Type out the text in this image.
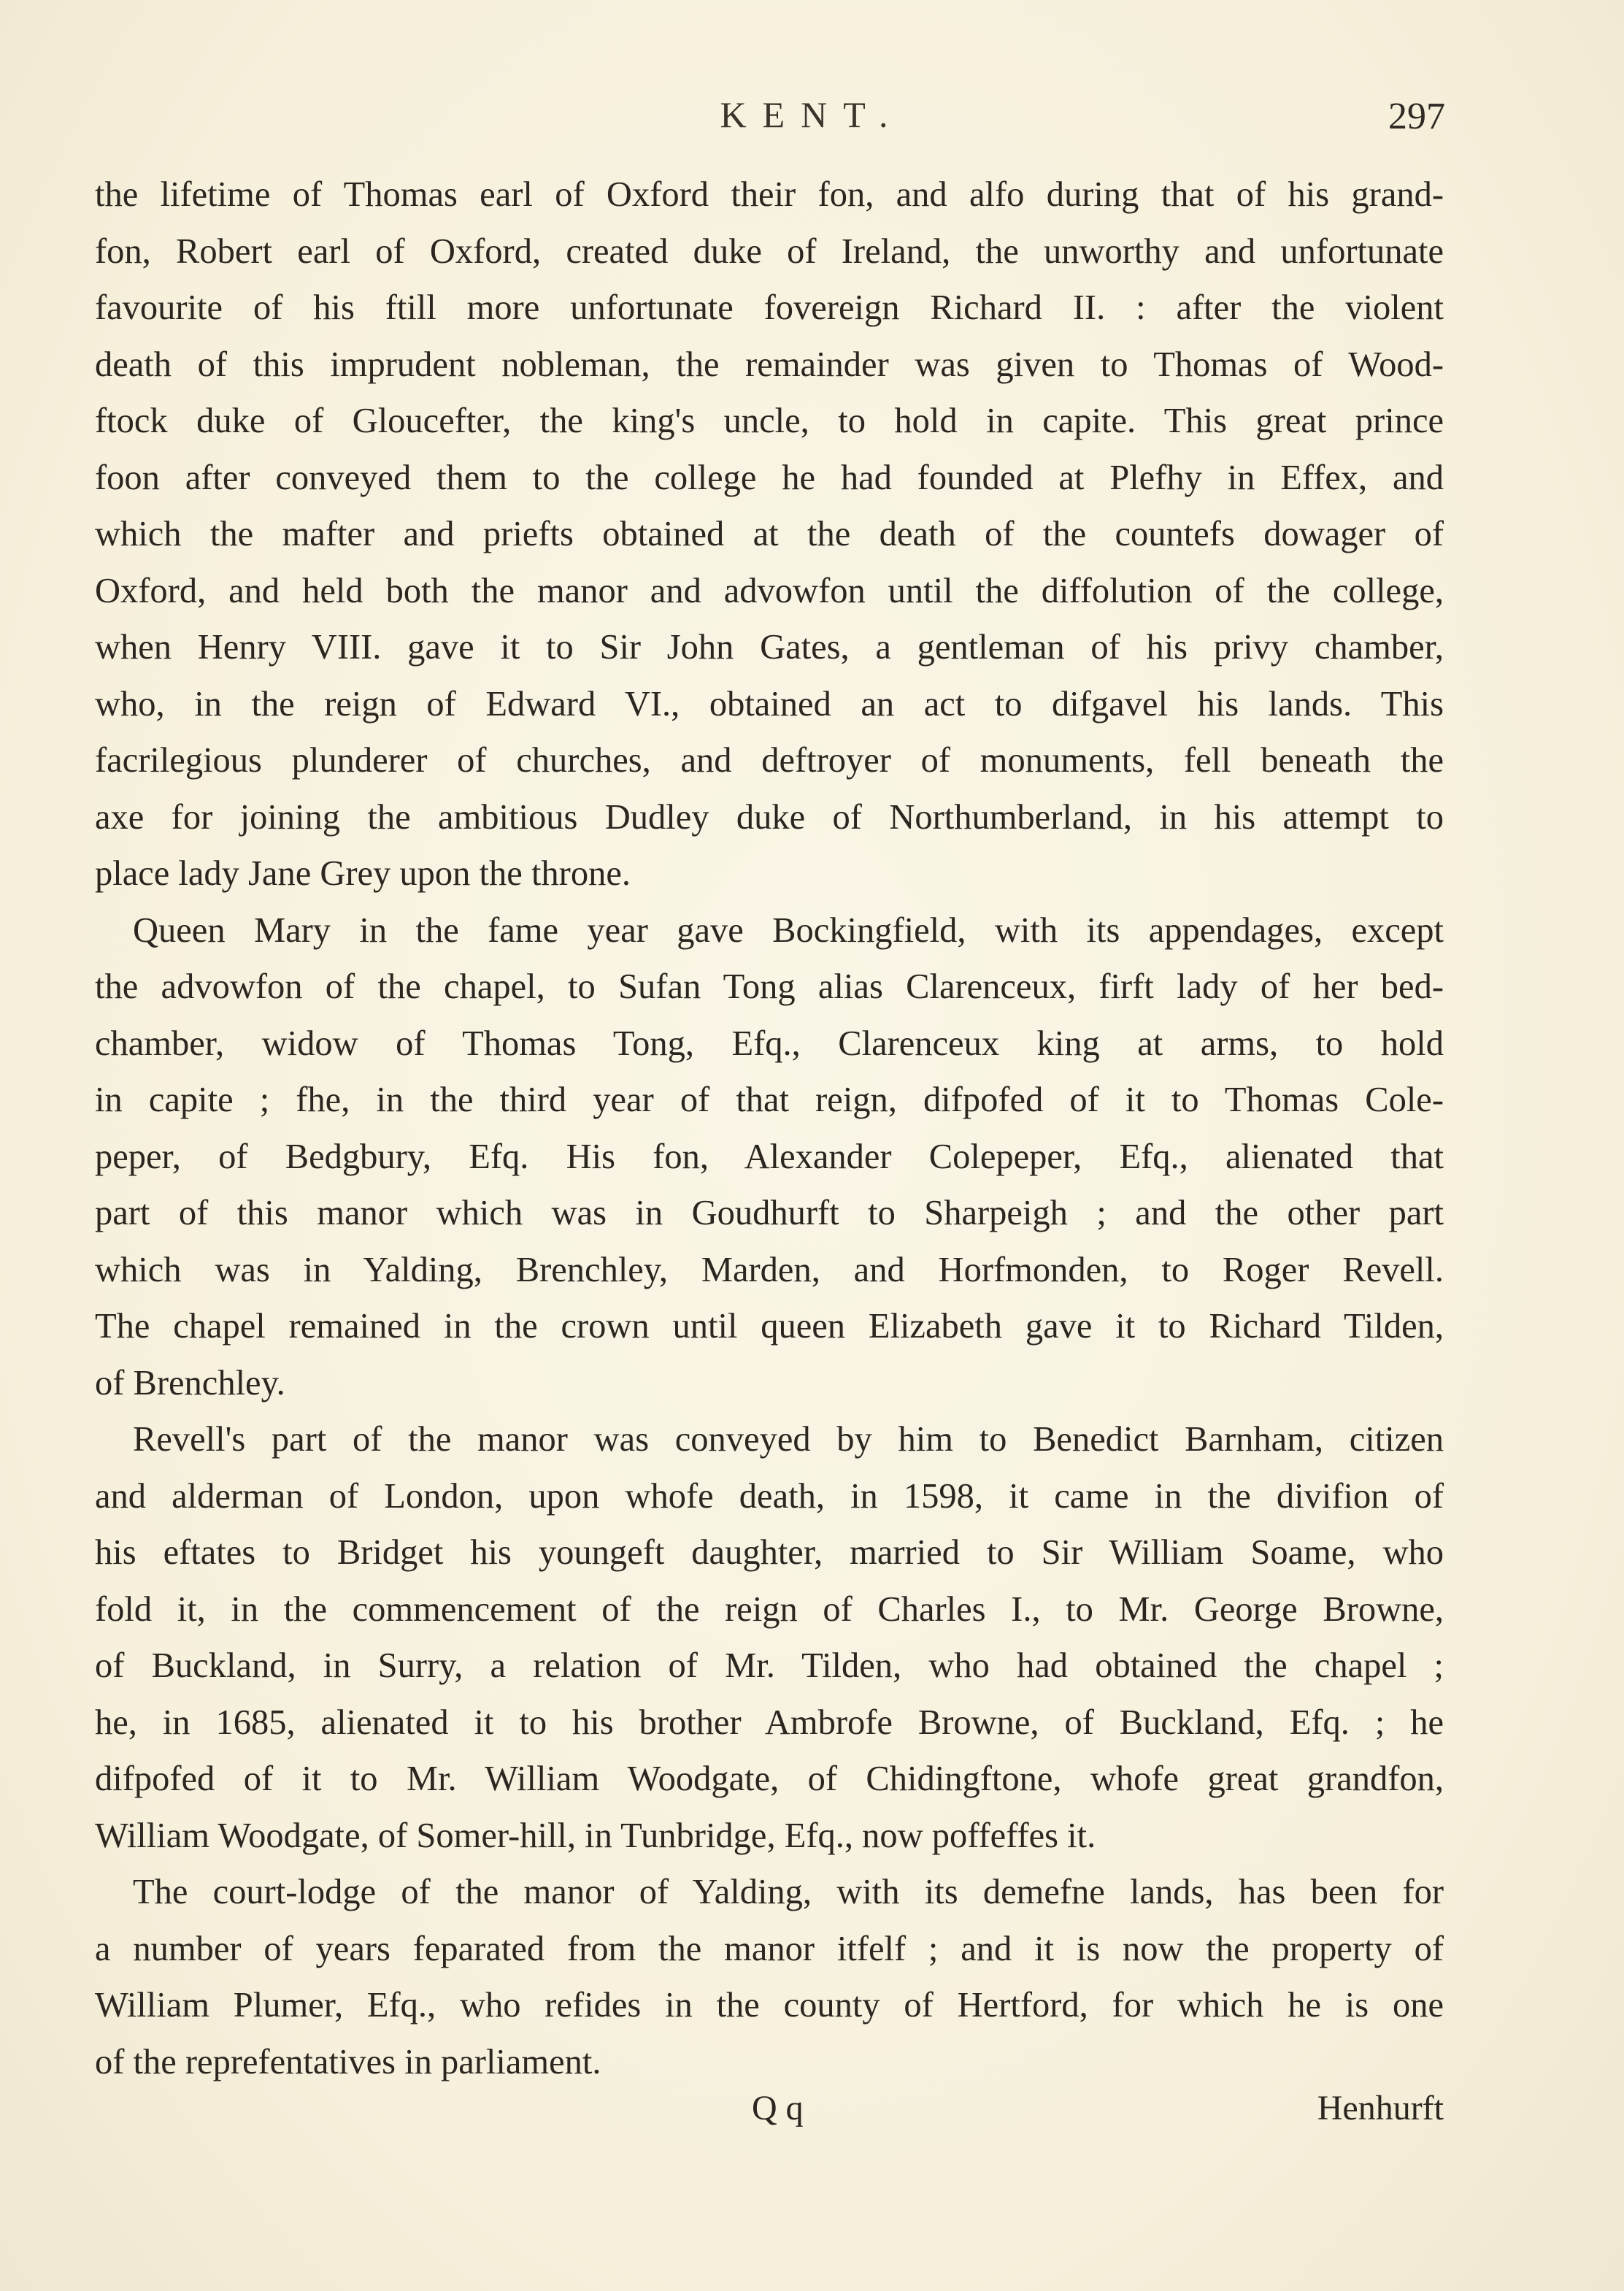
KENT.	297

the lifetime of Thomas earl of Oxford their fon, and alfo during that of his grand-

fon, Robert earl of Oxford, created duke of Ireland, the unworthy and unfortunate

favourite of his ftill more unfortunate fovereign Richard II. : after the violent

death of this imprudent nobleman, the remainder was given to Thomas of Wood-

ftock duke of Gloucefter, the king's uncle, to hold in capite. This great prince

foon after conveyed them to the college he had founded at Plefhy in Effex, and

which the mafter and priefts obtained at the death of the countefs dowager of

Oxford, and held both the manor and advowfon until the diffolution of the college,

when Henry VIII. gave it to Sir John Gates, a gentleman of his privy chamber,

who, in the reign of Edward VI., obtained an act to difgavel his lands. This

facrilegious plunderer of churches, and deftroyer of monuments, fell beneath the

axe for joining the ambitious Dudley duke of Northumberland, in his attempt to

place lady Jane Grey upon the throne.

Queen Mary in the fame year gave Bockingfield, with its appendages, except

the advowfon of the chapel, to Sufan Tong alias Clarenceux, firft lady of her bed-

chamber, widow of Thomas Tong, Efq., Clarenceux king at arms, to hold

in capite ; fhe, in the third year of that reign, difpofed of it to Thomas Cole-

peper, of Bedgbury, Efq. His fon, Alexander Colepeper, Efq., alienated that

part of this manor which was in Goudhurft to Sharpeigh ; and the other part

which was in Yalding, Brenchley, Marden, and Horfmonden, to Roger Revell.

The chapel remained in the crown until queen Elizabeth gave it to Richard Tilden,

of Brenchley.

Revell's part of the manor was conveyed by him to Benedict Barnham, citizen

and alderman of London, upon whofe death, in 1598, it came in the divifion of

his eftates to Bridget his youngeft daughter, married to Sir William Soame, who

fold it, in the commencement of the reign of Charles I., to Mr. George Browne,

of Buckland, in Surry, a relation of Mr. Tilden, who had obtained the chapel ;

he, in 1685, alienated it to his brother Ambrofe Browne, of Buckland, Efq. ; he

difpofed of it to Mr. William Woodgate, of Chidingftone, whofe great grandfon,

William Woodgate, of Somer-hill, in Tunbridge, Efq., now poffeffes it.

The court-lodge of the manor of Yalding, with its demefne lands, has been for

a number of years feparated from the manor itfelf ; and it is now the property of

William Plumer, Efq., who refides in the county of Hertford, for which he is one

of the reprefentatives in parliament.

Q q	Henhurft
